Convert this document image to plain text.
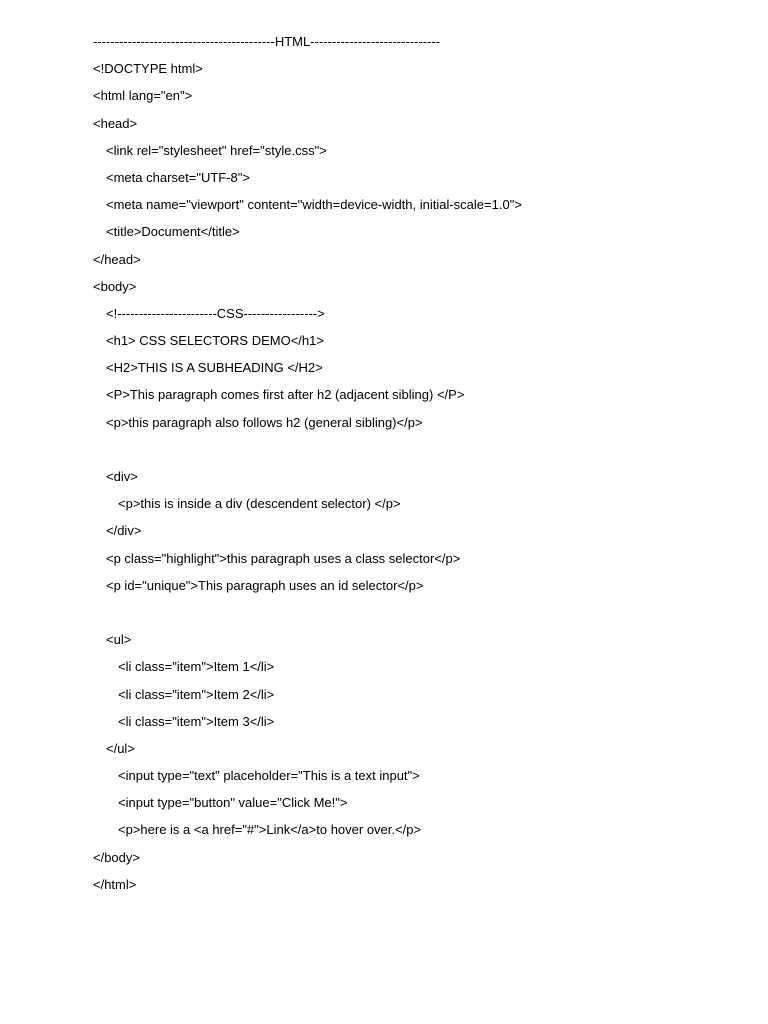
------------------------------------------HTML------------------------------
<!DOCTYPE html>
<html lang="en">
<head>
<link rel="stylesheet" href="style.css">
<meta charset="UTF-8">
<meta name="viewport" content="width=device-width, initial-scale=1.0">
<title>Document</title>
</head>
<body>
<!-----------------------CSS----------------->
<h1> CSS SELECTORS DEMO</h1>
<H2>THIS IS A SUBHEADING </H2>
<P>This paragraph comes first after h2 (adjacent sibling) </P>
<p>this paragraph also follows h2 (general sibling)</p>
<div>
<p>this is inside a div (descendent selector) </p>
</div>
<p class="highlight">this paragraph uses a class selector</p>
<p id="unique">This paragraph uses an id selector</p>
<ul>
<li class="item">Item 1</li>
<li class="item">Item 2</li>
<li class="item">Item 3</li>
</ul>
<input type="text" placeholder="This is a text input">
<input type="button" value="Click Me!">
<p>here is a <a href="#">Link</a>to hover over.</p>
</body>
</html>
